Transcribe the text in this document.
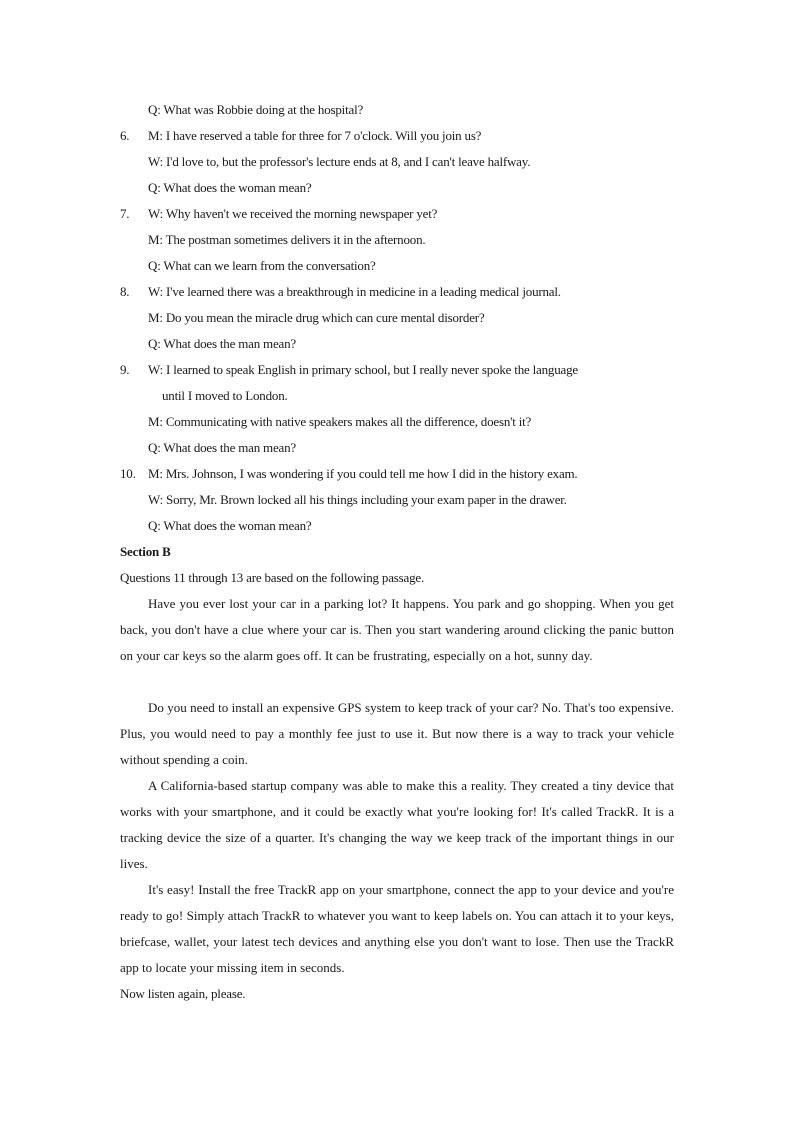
Q: What was Robbie doing at the hospital?
6. M: I have reserved a table for three for 7 o'clock. Will you join us?
W: I'd love to, but the professor's lecture ends at 8, and I can't leave halfway.
Q: What does the woman mean?
7. W: Why haven't we received the morning newspaper yet?
M: The postman sometimes delivers it in the afternoon.
Q: What can we learn from the conversation?
8. W: I've learned there was a breakthrough in medicine in a leading medical journal.
M: Do you mean the miracle drug which can cure mental disorder?
Q: What does the man mean?
9. W: I learned to speak English in primary school, but I really never spoke the language
until I moved to London.
M: Communicating with native speakers makes all the difference, doesn't it?
Q: What does the man mean?
10. M: Mrs. Johnson, I was wondering if you could tell me how I did in the history exam.
W: Sorry, Mr. Brown locked all his things including your exam paper in the drawer.
Q: What does the woman mean?
Section B
Questions 11 through 13 are based on the following passage.

Have you ever lost your car in a parking lot? It happens. You park and go shopping. When you get back, you don't have a clue where your car is. Then you start wandering around clicking the panic button on your car keys so the alarm goes off. It can be frustrating, especially on a hot, sunny day.

Do you need to install an expensive GPS system to keep track of your car? No. That's too expensive. Plus, you would need to pay a monthly fee just to use it. But now there is a way to track your vehicle without spending a coin.

A California-based startup company was able to make this a reality. They created a tiny device that works with your smartphone, and it could be exactly what you're looking for! It's called TrackR. It is a tracking device the size of a quarter. It's changing the way we keep track of the important things in our lives.

It's easy! Install the free TrackR app on your smartphone, connect the app to your device and you're ready to go! Simply attach TrackR to whatever you want to keep labels on. You can attach it to your keys, briefcase, wallet, your latest tech devices and anything else you don't want to lose. Then use the TrackR app to locate your missing item in seconds.

Now listen again, please.
